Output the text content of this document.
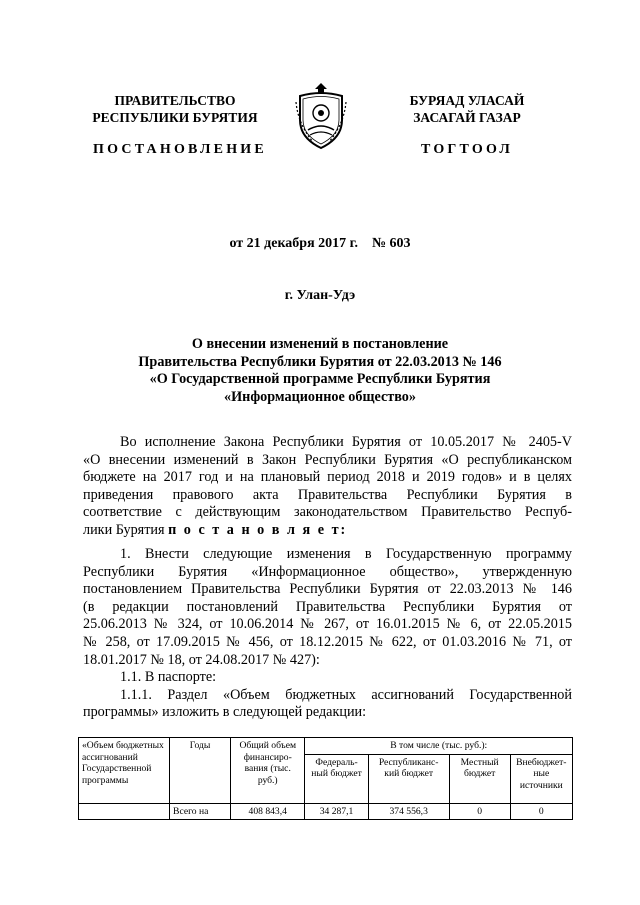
ПРАВИТЕЛЬСТВО
РЕСПУБЛИКИ БУРЯТИЯ
БУРЯАД УЛАСАЙ
ЗАСАГАЙ ГАЗАР
ПОСТАНОВЛЕНИЕ	ТОГТООЛ
от 21 декабря 2017 г.    № 603
г. Улан-Удэ
О внесении изменений в постановление
Правительства Республики Бурятия от 22.03.2013 № 146
«О Государственной программе Республики Бурятия
«Информационное общество»
Во исполнение Закона Республики Бурятия от 10.05.2017 № 2405-V
«О внесении изменений в Закон Республики Бурятия «О республиканском
бюджете на 2017 год и на плановый период 2018 и 2019 годов» и в целях
приведения правового акта Правительства Республики Бурятия в
соответствие с действующим законодательством Правительство Респуб-
лики Бурятия п о с т а н о в л я е т:
1. Внести следующие изменения в Государственную программу
Республики Бурятия «Информационное общество», утвержденную
постановлением Правительства Республики Бурятия от 22.03.2013 № 146
(в редакции постановлений Правительства Республики Бурятия от
25.06.2013 № 324, от 10.06.2014 № 267, от 16.01.2015 № 6, от 22.05.2015
№ 258, от 17.09.2015 № 456, от 18.12.2015 № 622, от 01.03.2016 № 71, от
18.01.2017 № 18, от 24.08.2017 № 427):
1.1. В паспорте:
1.1.1. Раздел «Объем бюджетных ассигнований Государственной
программы» изложить в следующей редакции:
«Объем бюджетных ассигнований Государственной программы	Годы	Общий объем финансиро-вания (тыс. руб.)	В том числе (тыс. руб.):			
			Федераль-ный бюджет	Республиканс-кий бюджет	Местный бюджет	Внебюджет-ные источники
	Всего на	408 843,4	34 287,1	374 556,3	0	0
